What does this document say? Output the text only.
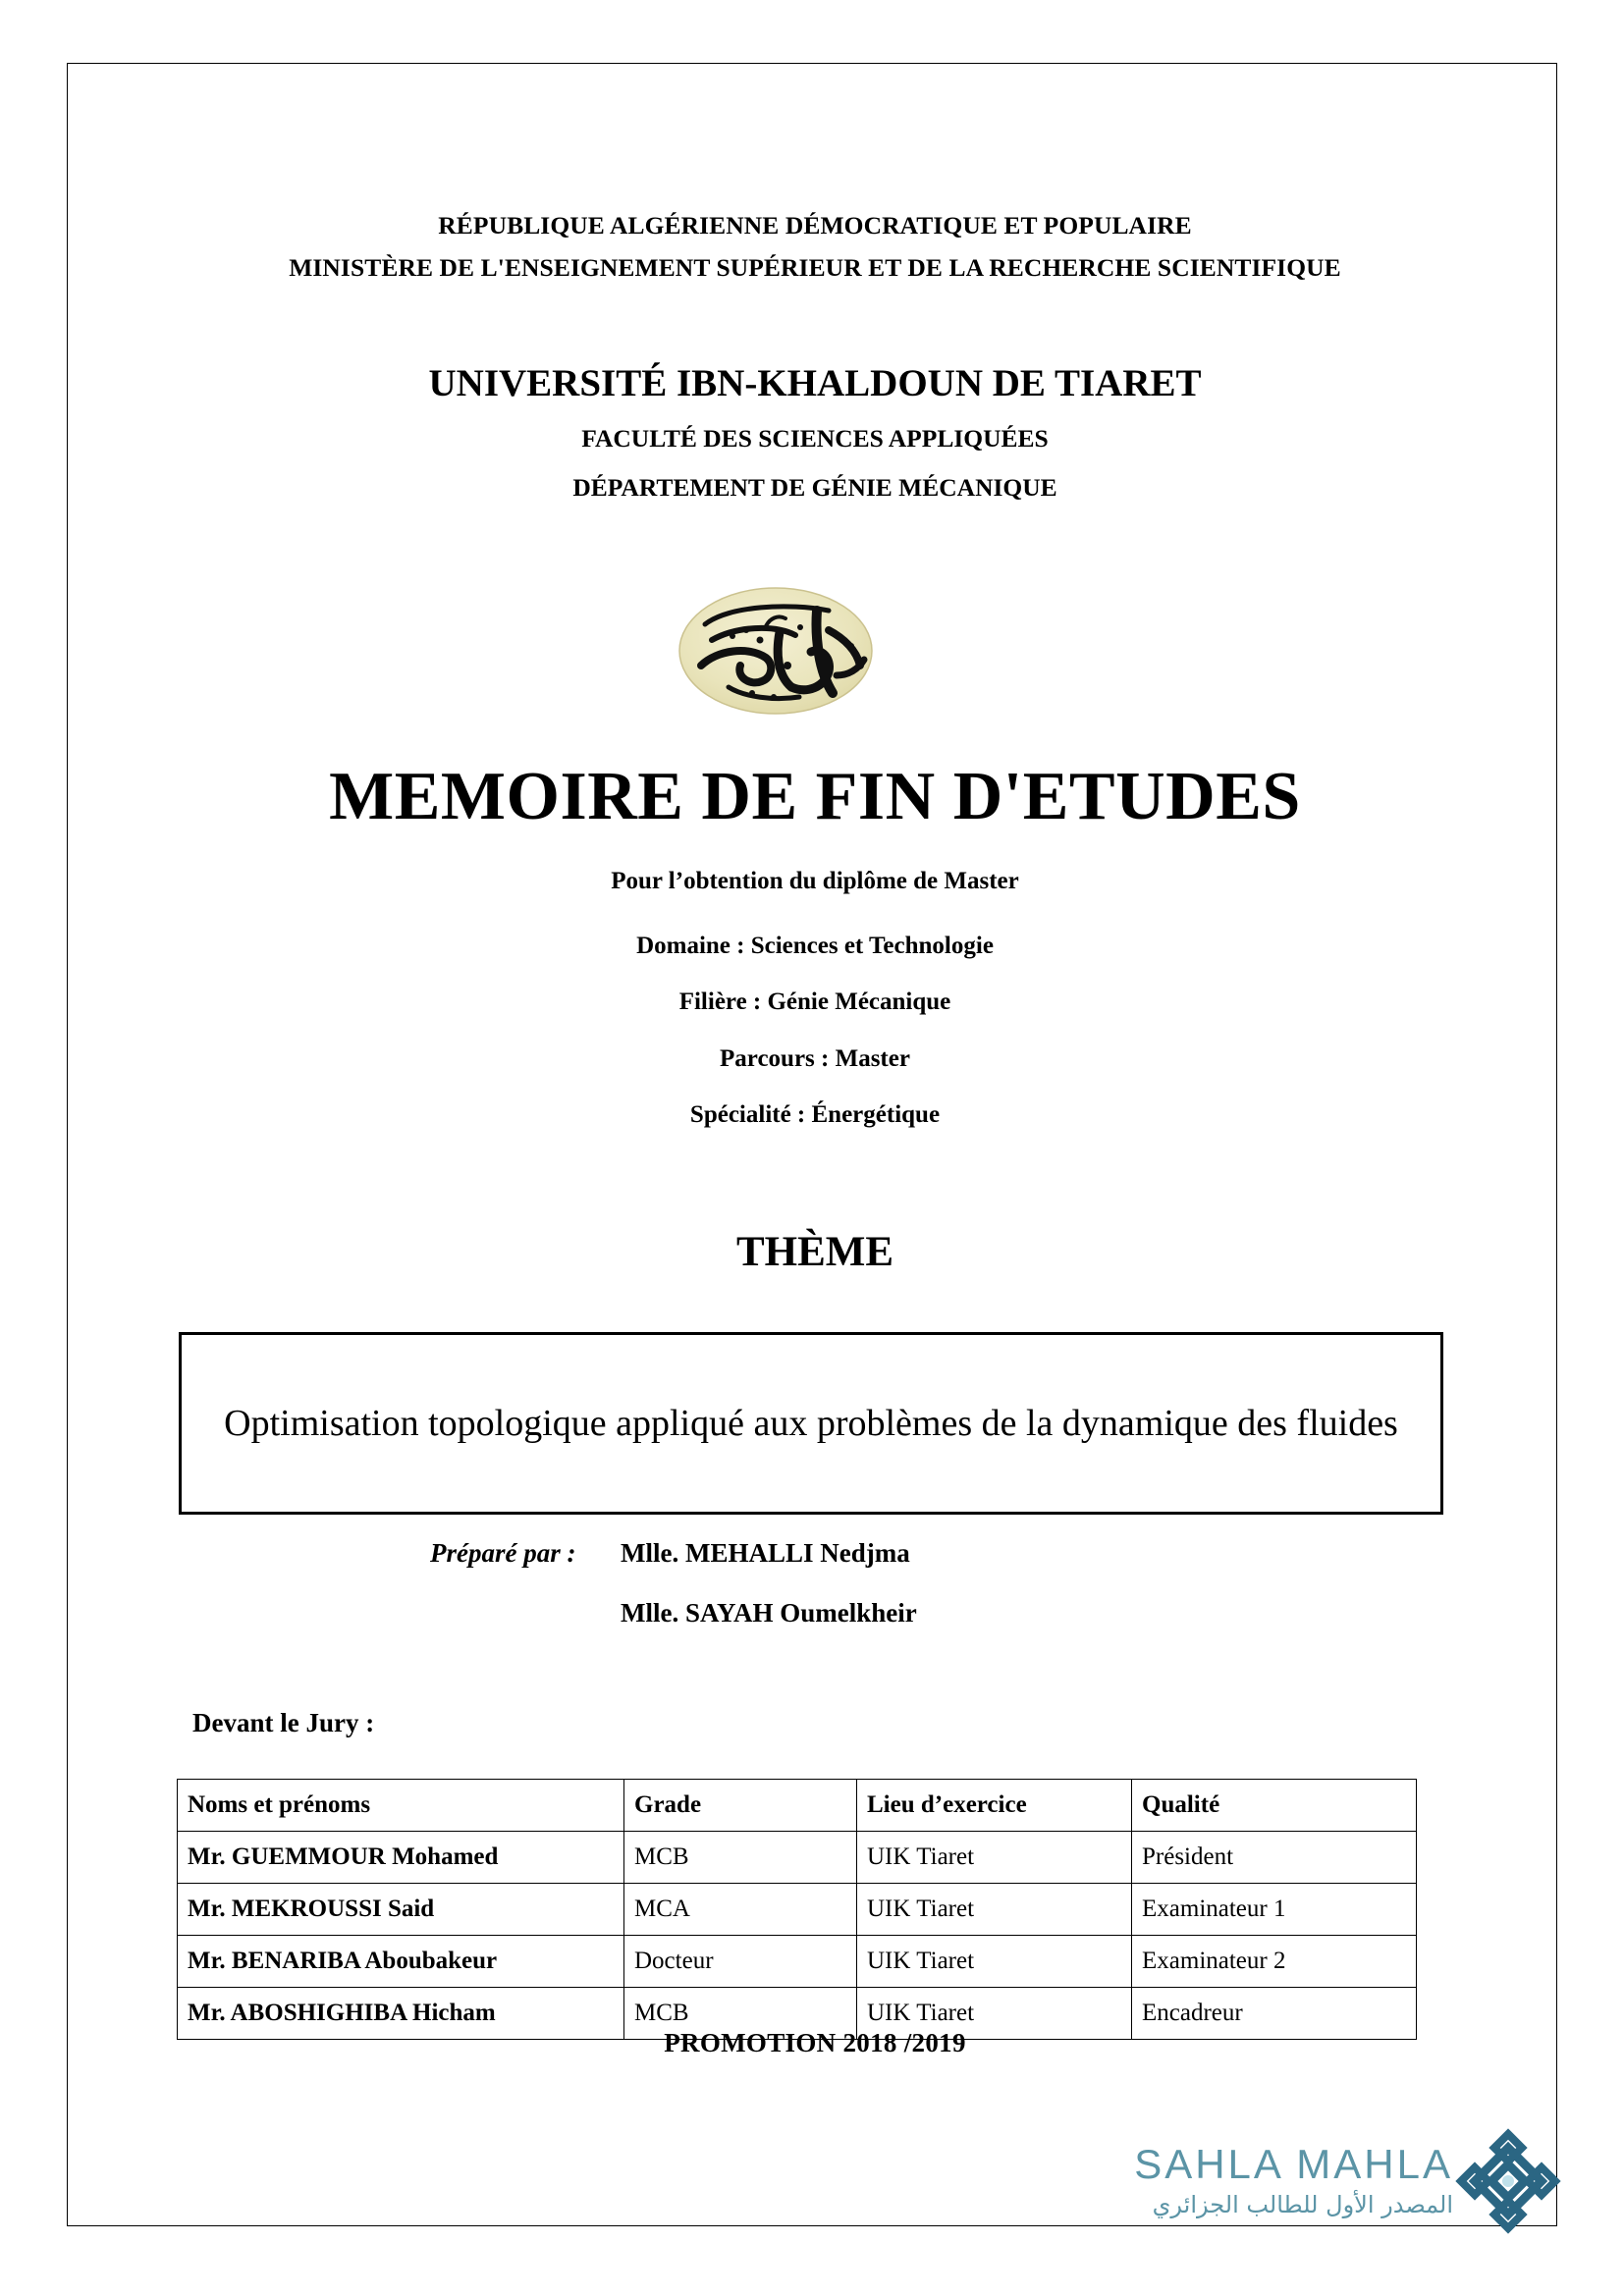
RÉPUBLIQUE ALGÉRIENNE DÉMOCRATIQUE ET POPULAIRE
MINISTÈRE DE L'ENSEIGNEMENT SUPÉRIEUR ET DE LA RECHERCHE SCIENTIFIQUE
UNIVERSITÉ IBN-KHALDOUN DE TIARET
FACULTÉ DES SCIENCES APPLIQUÉES
DÉPARTEMENT DE GÉNIE MÉCANIQUE
MEMOIRE DE FIN D'ETUDES
Pour l’obtention du diplôme de Master
Domaine : Sciences et Technologie
Filière : Génie Mécanique
Parcours : Master
Spécialité : Énergétique
THÈME
Optimisation topologique appliqué aux problèmes de la dynamique des fluides
Préparé par : Mlle. MEHALLI Nedjma
Mlle. SAYAH Oumelkheir
Devant le Jury :
Noms et prénoms	Grade	Lieu d’exercice	Qualité
Mr. GUEMMOUR Mohamed	MCB	UIK Tiaret	Président
Mr. MEKROUSSI Said	MCA	UIK Tiaret	Examinateur 1
Mr. BENARIBA Aboubakeur	Docteur	UIK Tiaret	Examinateur 2
Mr. ABOSHIGHIBA Hicham	MCB	UIK Tiaret	Encadreur
PROMOTION 2018 /2019
SAHLA MAHLA
المصدر الأول للطالب الجزائري
